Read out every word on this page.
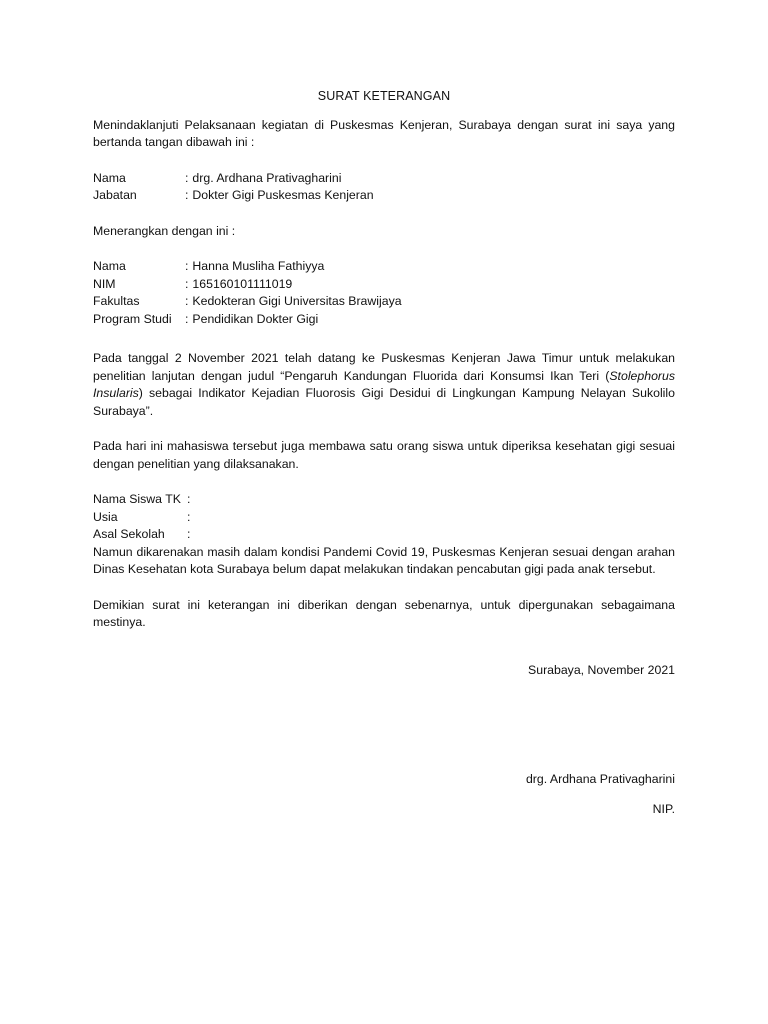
SURAT KETERANGAN

Menindaklanjuti Pelaksanaan kegiatan di Puskesmas Kenjeran, Surabaya dengan surat ini saya yang bertanda tangan dibawah ini :

Nama	: drg. Ardhana Prativagharini
Jabatan	: Dokter Gigi Puskesmas Kenjeran

Menerangkan dengan ini :

Nama	: Hanna Musliha Fathiyya
NIM	: 165160101111019
Fakultas	: Kedokteran Gigi Universitas Brawijaya
Program Studi	: Pendidikan Dokter Gigi

Pada tanggal 2 November 2021 telah datang ke Puskesmas Kenjeran Jawa Timur untuk melakukan penelitian lanjutan dengan judul “Pengaruh Kandungan Fluorida dari Konsumsi Ikan Teri (Stolephorus Insularis) sebagai Indikator Kejadian Fluorosis Gigi Desidui di Lingkungan Kampung Nelayan Sukolilo Surabaya”.

Pada hari ini mahasiswa tersebut juga membawa satu orang siswa untuk diperiksa kesehatan gigi sesuai dengan penelitian yang dilaksanakan.

Nama Siswa TK :
Usia	:
Asal Sekolah	:

Namun dikarenakan masih dalam kondisi Pandemi Covid 19, Puskesmas Kenjeran sesuai dengan arahan Dinas Kesehatan kota Surabaya belum dapat melakukan tindakan pencabutan gigi pada anak tersebut.

Demikian surat ini keterangan ini diberikan dengan sebenarnya, untuk dipergunakan sebagaimana mestinya.

Surabaya, November 2021
drg. Ardhana Prativagharini
NIP.
